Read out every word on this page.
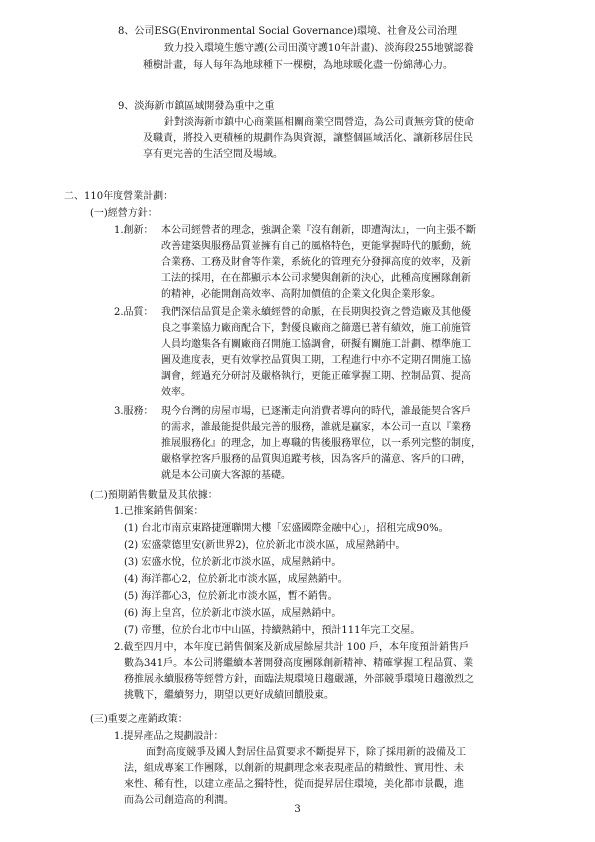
8、公司ESG(Environmental Social Governance)環境、社會及公司治理
致力投入環境生態守護(公司田漢守護10年計畫)、淡海段255地號認養
種樹計畫，每人每年為地球種下一棵樹，為地球暖化盡一份綿薄心力。
9、淡海新市鎮區域開發為重中之重
針對淡海新市鎮中心商業區相關商業空間營造，為公司責無旁貸的使命
及職責，將投入更積極的規劃作為與資源，讓整個區域活化、讓新移居住民
享有更完善的生活空間及場域。
二、110年度營業計劃：
(一)經營方針：
1.創新： 本公司經營者的理念，強調企業『沒有創新，即遭淘汰』，一向主張不斷
改善建築與服務品質並擁有自己的風格特色，更能掌握時代的脈動，統
合業務、工務及財會等作業，系統化的管理充分發揮高度的效率，及新
工法的採用，在在都顯示本公司求變與創新的決心，此種高度團隊創新
的精神，必能開創高效率、高附加價值的企業文化與企業形象。
2.品質： 我們深信品質是企業永續經營的命脈，在長期與投資之營造廠及其他優
良之事業協力廠商配合下，對優良廠商之篩選已著有績效，施工前施管
人員均邀集各有關廠商召開施工協調會，研擬有關施工計劃、標準施工
圖及進度表，更有效掌控品質與工期，工程進行中亦不定期召開施工協
調會，經過充分研討及嚴格執行，更能正確掌握工期、控制品質、提高
效率。
3.服務： 現今台灣的房屋市場，已逐漸走向消費者導向的時代，誰最能契合客戶
的需求，誰最能提供最完善的服務，誰就是贏家，本公司一直以『業務
推展服務化』的理念，加上專職的售後服務單位，以一系列完整的制度，
嚴格掌控客戶服務的品質與追蹤考核，因為客戶的滿意、客戶的口碑，
就是本公司廣大客源的基礎。
(二)預期銷售數量及其依據：
1.已推案銷售個案：
(1) 台北市南京東路捷運聯開大樓「宏盛國際金融中心」，招租完成90%。
(2) 宏盛蒙德里安(新世界2)，位於新北市淡水區，成屋熱銷中。
(3) 宏盛水悅，位於新北市淡水區，成屋熱銷中。
(4) 海洋都心2，位於新北市淡水區，成屋熱銷中。
(5) 海洋都心3，位於新北市淡水區，暫不銷售。
(6) 海上皇宮，位於新北市淡水區，成屋熱銷中。
(7) 帝璽，位於台北市中山區，持續熱銷中，預計111年完工交屋。
2.截至四月中，本年度已銷售個案及新成屋餘屋共計 100 戶，本年度預計銷售戶
數為341戶。本公司將繼續本著開發高度團隊創新精神、精確掌握工程品質、業
務推展永續服務等經營方針，面臨法規環境日趨嚴謹，外部競爭環境日趨激烈之
挑戰下，繼續努力，期望以更好成績回饋股東。
(三)重要之產銷政策：
1.提昇產品之規劃設計：
面對高度競爭及國人對居住品質要求不斷提昇下，除了採用新的設備及工
法，組成專案工作團隊，以創新的規劃理念來表現產品的精緻性、實用性、未
來性、稀有性，以建立產品之獨特性，從而提昇居住環境，美化都市景觀，進
而為公司創造高的利潤。
3
